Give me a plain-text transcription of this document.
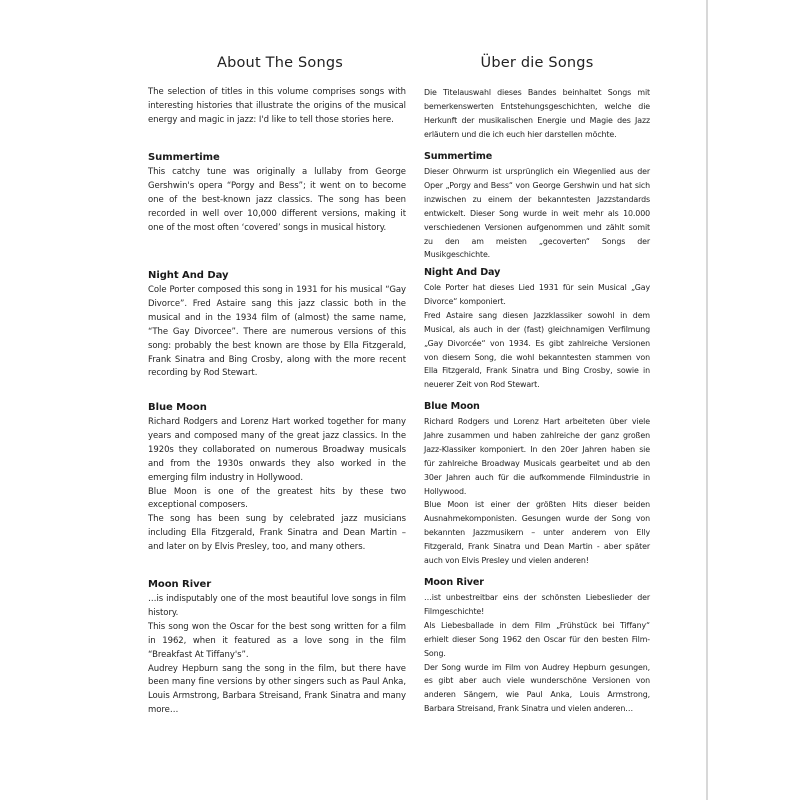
About The Songs

The selection of titles in this volume comprises songs with interesting histories that illustrate the origins of the musical energy and magic in jazz: I'd like to tell those stories here.

Summertime

This catchy tune was originally a lullaby from George Gershwin's opera “Porgy and Bess”; it went on to become one of the best-known jazz classics. The song has been recorded in well over 10,000 different versions, making it one of the most often ‘covered’ songs in musical history.

Night And Day

Cole Porter composed this song in 1931 for his musical “Gay Divorce”. Fred Astaire sang this jazz classic both in the musical and in the 1934 film of (almost) the same name, “The Gay Divorcee”. There are numerous versions of this song: probably the best known are those by Ella Fitzgerald, Frank Sinatra and Bing Crosby, along with the more recent recording by Rod Stewart.

Blue Moon

Richard Rodgers and Lorenz Hart worked together for many years and composed many of the great jazz classics. In the 1920s they collaborated on numerous Broadway musicals and from the 1930s onwards they also worked in the emerging film industry in Hollywood.

Blue Moon is one of the greatest hits by these two exceptional composers.

The song has been sung by celebrated jazz musicians including Ella Fitzgerald, Frank Sinatra and Dean Martin – and later on by Elvis Presley, too, and many others.

Moon River

…is indisputably one of the most beautiful love songs in film history.

This song won the Oscar for the best song written for a film in 1962, when it featured as a love song in the film “Breakfast At Tiffany's”.

Audrey Hepburn sang the song in the film, but there have been many fine versions by other singers such as Paul Anka, Louis Armstrong, Barbara Streisand, Frank Sinatra and many more…

Über die Songs

Die Titelauswahl dieses Bandes beinhaltet Songs mit bemerkenswerten Entstehungsgeschichten, welche die Herkunft der musikalischen Energie und Magie des Jazz erläutern und die ich euch hier darstellen möchte.

Summertime

Dieser Ohrwurm ist ursprünglich ein Wiegenlied aus der Oper „Porgy and Bess“ von George Gershwin und hat sich inzwischen zu einem der bekanntesten Jazzstandards entwickelt. Dieser Song wurde in weit mehr als 10.000 verschiedenen Versionen aufgenommen und zählt somit zu den am meisten „gecoverten“ Songs der Musikgeschichte.

Night And Day

Cole Porter hat dieses Lied 1931 für sein Musical „Gay Divorce“ komponiert.

Fred Astaire sang diesen Jazzklassiker sowohl in dem Musical, als auch in der (fast) gleichnamigen Verfilmung „Gay Divorcée“ von 1934. Es gibt zahlreiche Versionen von diesem Song, die wohl bekanntesten stammen von Ella Fitzgerald, Frank Sinatra und Bing Crosby, sowie in neuerer Zeit von Rod Stewart.

Blue Moon

Richard Rodgers und Lorenz Hart arbeiteten über viele Jahre zusammen und haben zahlreiche der ganz großen Jazz-Klassiker komponiert. In den 20er Jahren haben sie für zahlreiche Broadway Musicals gearbeitet und ab den 30er Jahren auch für die aufkommende Filmindustrie in Hollywood.

Blue Moon ist einer der größten Hits dieser beiden Ausnahmekomponisten. Gesungen wurde der Song von bekannten Jazzmusikern – unter anderem von Elly Fitzgerald, Frank Sinatra und Dean Martin - aber später auch von Elvis Presley und vielen anderen!

Moon River

…ist unbestreitbar eins der schönsten Liebeslieder der Filmgeschichte!

Als Liebesballade in dem Film „Frühstück bei Tiffany“ erhielt dieser Song 1962 den Oscar für den besten Film-Song.

Der Song wurde im Film von Audrey Hepburn gesungen, es gibt aber auch viele wunderschöne Versionen von anderen Sängern, wie Paul Anka, Louis Armstrong, Barbara Streisand, Frank Sinatra und vielen anderen…
